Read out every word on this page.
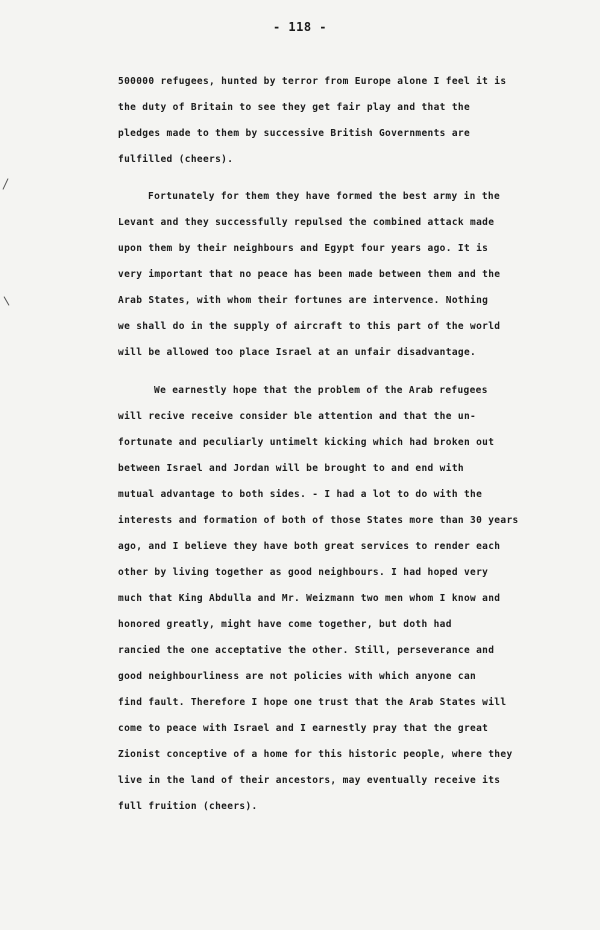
- 118 -
500000 refugees, hunted by terror from Europe alone I feel it is
the duty of Britain to see they get fair play and that the
pledges made to them by successive British Governments are
fulfilled (cheers).
Fortunately for them they have formed the best army in the
Levant and they successfully repulsed the combined attack made
upon them by their neighbours and Egypt four years ago. It is
very important that no peace has been made between them and the
Arab States, with whom their fortunes are intervence. Nothing
we shall do in the supply of aircraft to this part of the world
will be allowed too place Israel at an unfair disadvantage.
We earnestly hope that the problem of the Arab refugees
will recive receive consider ble attention and that the un-
fortunate and peculiarly untimelt kicking which had broken out
between Israel and Jordan will be brought to and end with
mutual advantage to both sides. - I had a lot to do with the
interests and formation of both of those States more than 30 years
ago, and I believe they have both great services to render each
other by living together as good neighbours. I had hoped very
much that King Abdulla and Mr. Weizmann two men whom I know and
honored greatly, might have come together, but doth had
rancied the one acceptative the other. Still, perseverance and
good neighbourliness are not policies with which anyone can
find fault. Therefore I hope one trust that the Arab States will
come to peace with Israel and I earnestly pray that the great
Zionist conceptive of a home for this historic people, where they
live in the land of their ancestors, may eventually receive its
full fruition (cheers).
